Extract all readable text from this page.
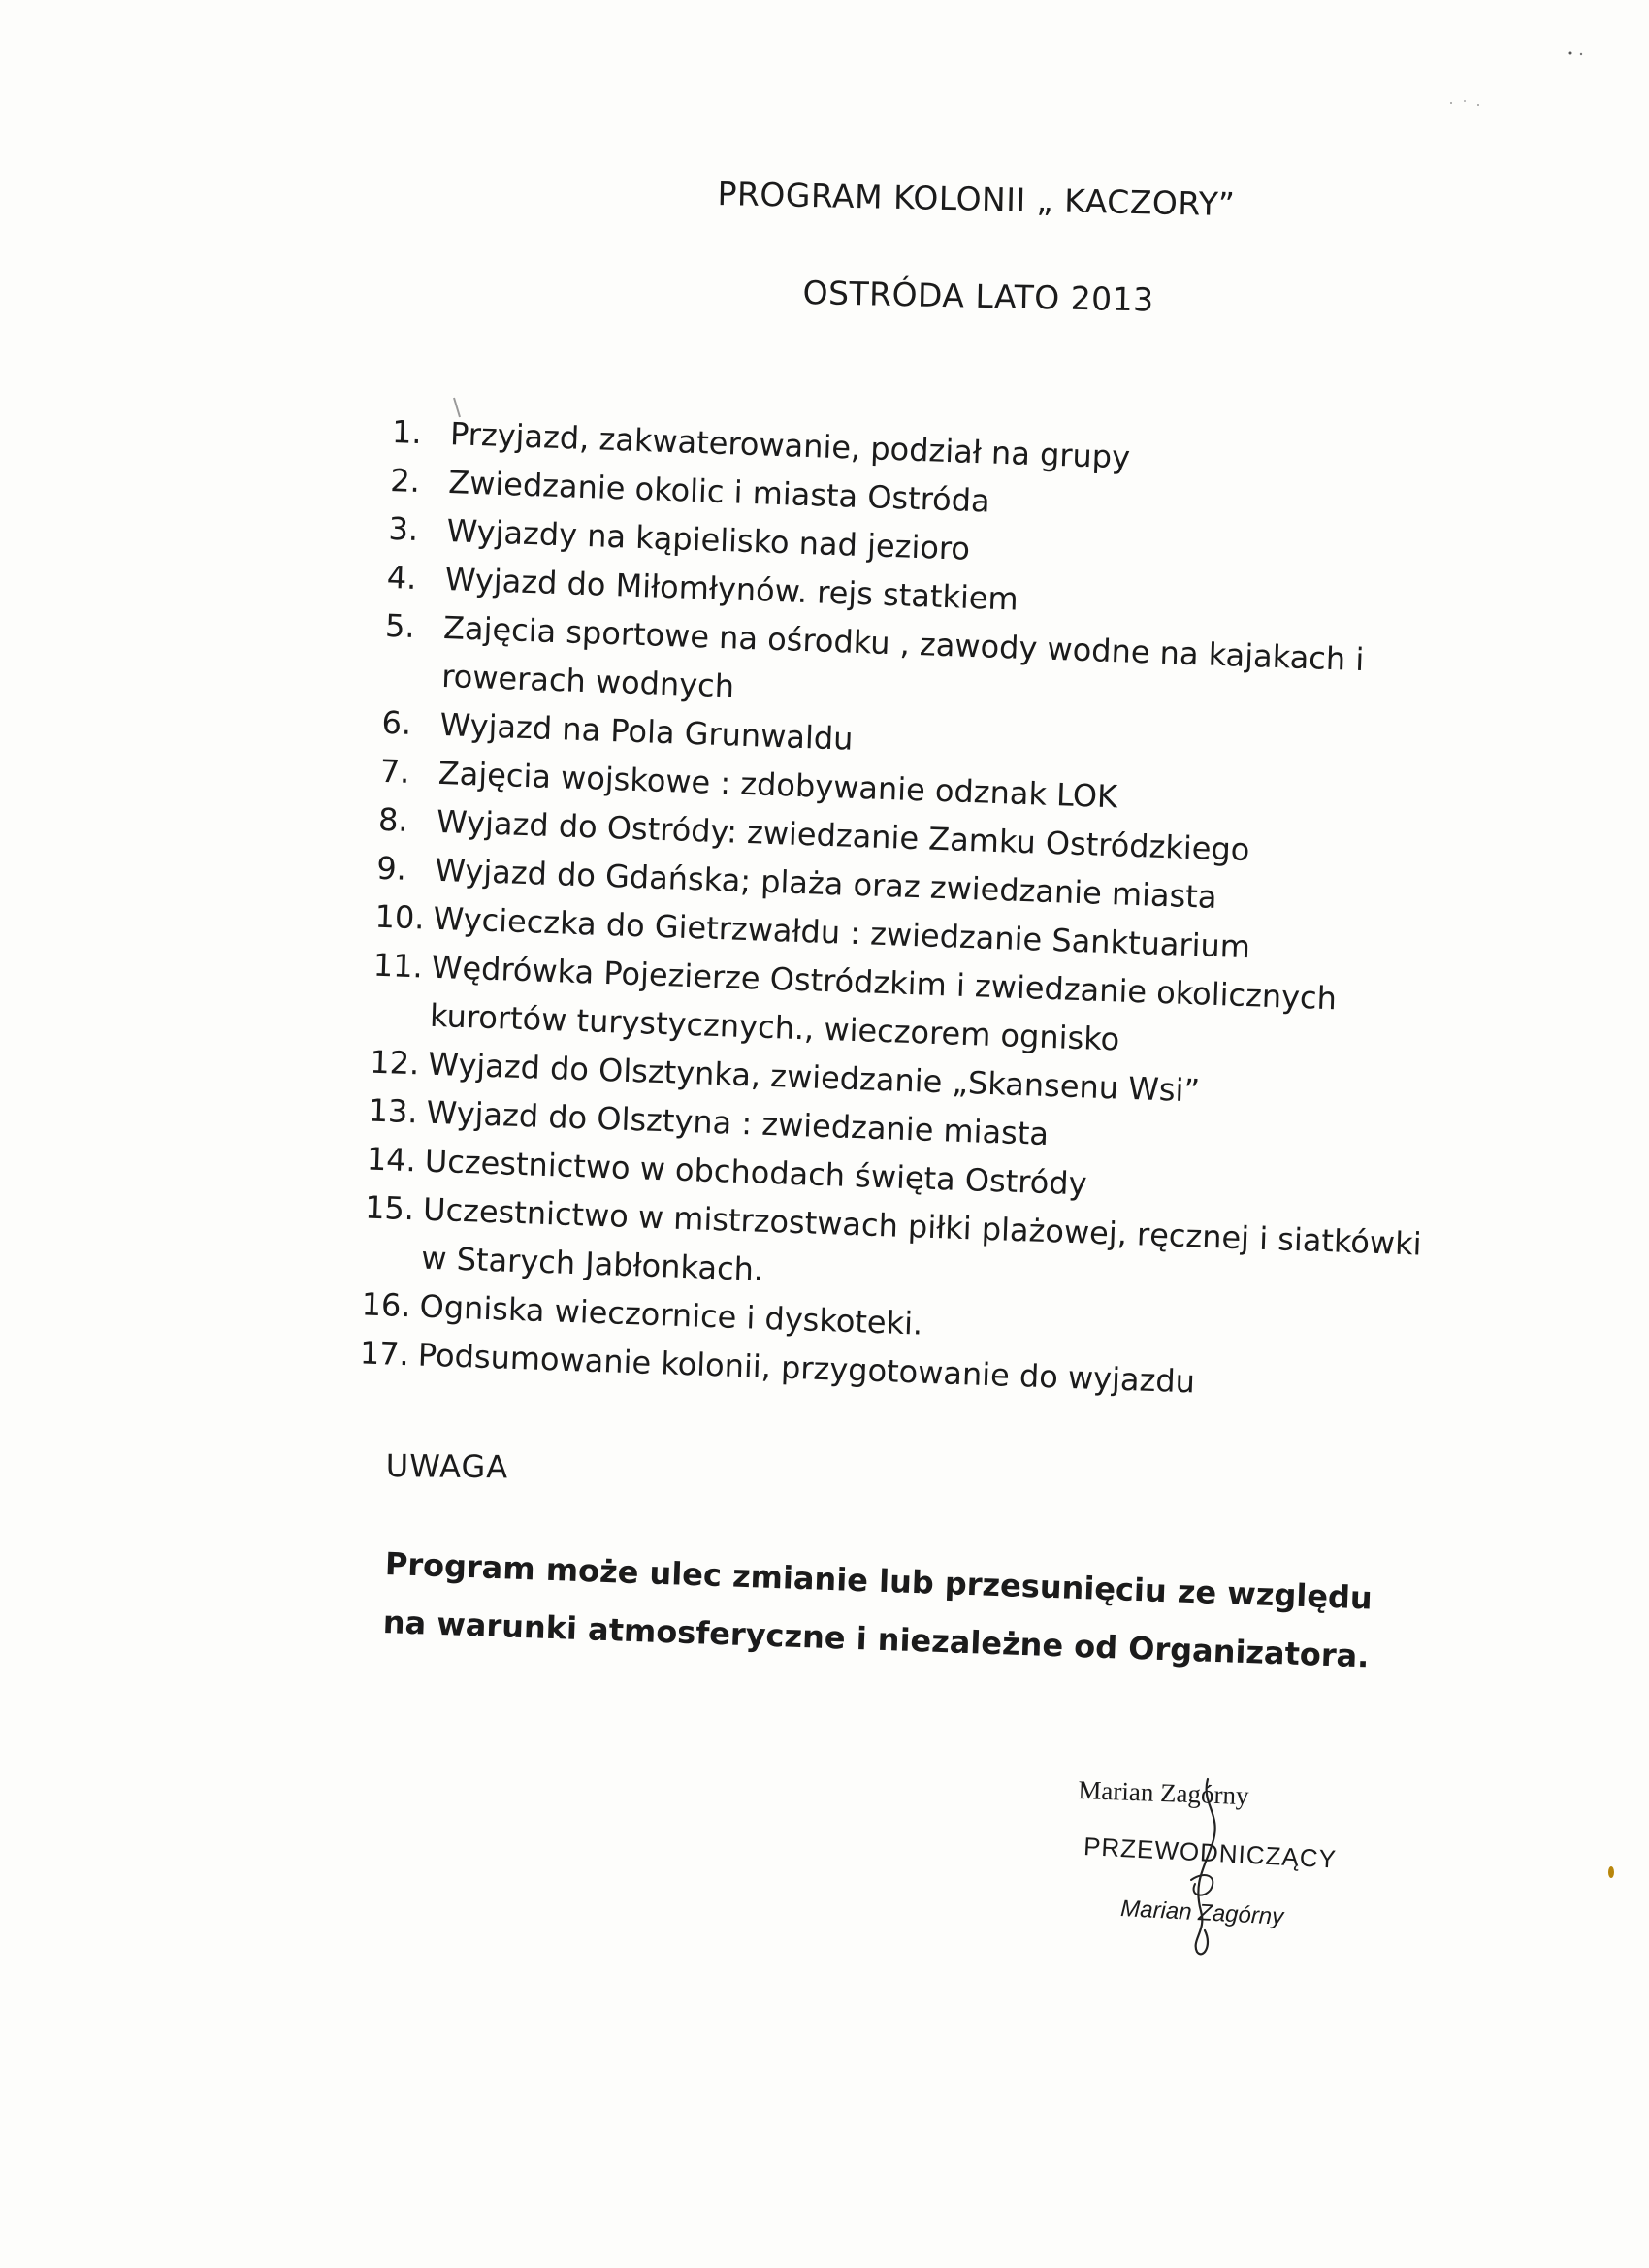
PROGRAM KOLONII „ KACZORY”
OSTRÓDA LATO 2013
1. Przyjazd, zakwaterowanie, podział na grupy
2. Zwiedzanie okolic i miasta Ostróda
3. Wyjazdy na kąpielisko nad jezioro
4. Wyjazd do Miłomłynów. rejs statkiem
5. Zajęcia sportowe na ośrodku , zawody wodne na kajakach i rowerach wodnych
6. Wyjazd na Pola Grunwaldu
7. Zajęcia wojskowe : zdobywanie odznak LOK
8. Wyjazd do Ostródy: zwiedzanie Zamku Ostródzkiego
9. Wyjazd do Gdańska; plaża oraz zwiedzanie miasta
10. Wycieczka do Gietrzwałdu : zwiedzanie Sanktuarium
11. Wędrówka Pojezierze Ostródzkim i zwiedzanie okolicznych kurortów turystycznych., wieczorem ognisko
12. Wyjazd do Olsztynka, zwiedzanie „Skansenu Wsi”
13. Wyjazd do Olsztyna : zwiedzanie miasta
14. Uczestnictwo w obchodach święta Ostródy
15. Uczestnictwo w mistrzostwach piłki plażowej, ręcznej i siatkówki w Starych Jabłonkach.
16. Ogniska wieczornice i dyskoteki.
17. Podsumowanie kolonii, przygotowanie do wyjazdu
UWAGA
Program może ulec zmianie lub przesunięciu ze względu na warunki atmosferyczne i niezależne od Organizatora.
Marian Zagórny
PRZEWODNICZĄCY
Marian Zagórny
